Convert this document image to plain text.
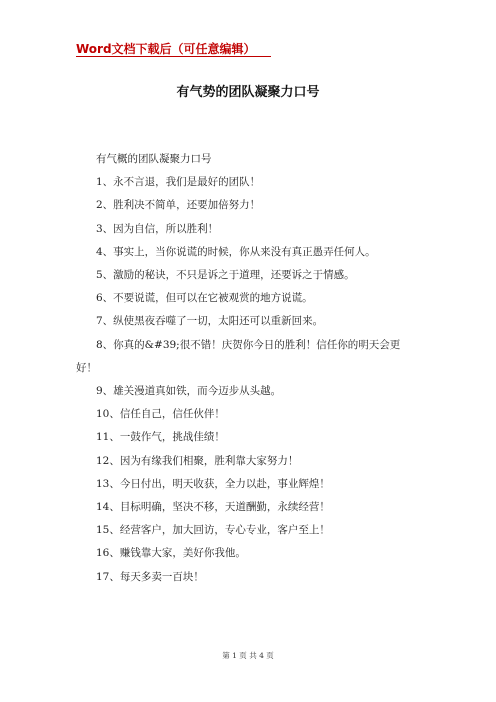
Word文档下载后（可任意编辑）
有气势的团队凝聚力口号

有气概的团队凝聚力口号

1、永不言退，我们是最好的团队！

2、胜利决不简单，还要加倍努力！

3、因为自信，所以胜利！

4、事实上，当你说谎的时候，你从来没有真正愚弄任何人。

5、激励的秘诀，不只是诉之于道理，还要诉之于情感。

6、不要说谎，但可以在它被观赏的地方说谎。

7、纵使黑夜吞噬了一切，太阳还可以重新回来。

8、你真的&#39;很不错！庆贺你今日的胜利！信任你的明天会更好！

9、雄关漫道真如铁，而今迈步从头越。

10、信任自己，信任伙伴！

11、一鼓作气，挑战佳绩！

12、因为有缘我们相聚，胜利靠大家努力！

13、今日付出，明天收获，全力以赴，事业辉煌！

14、目标明确，坚决不移，天道酬勤，永续经营！

15、经营客户，加大回访，专心专业，客户至上！

16、赚钱靠大家，美好你我他。

17、每天多卖一百块！

第 1 页 共 4 页
